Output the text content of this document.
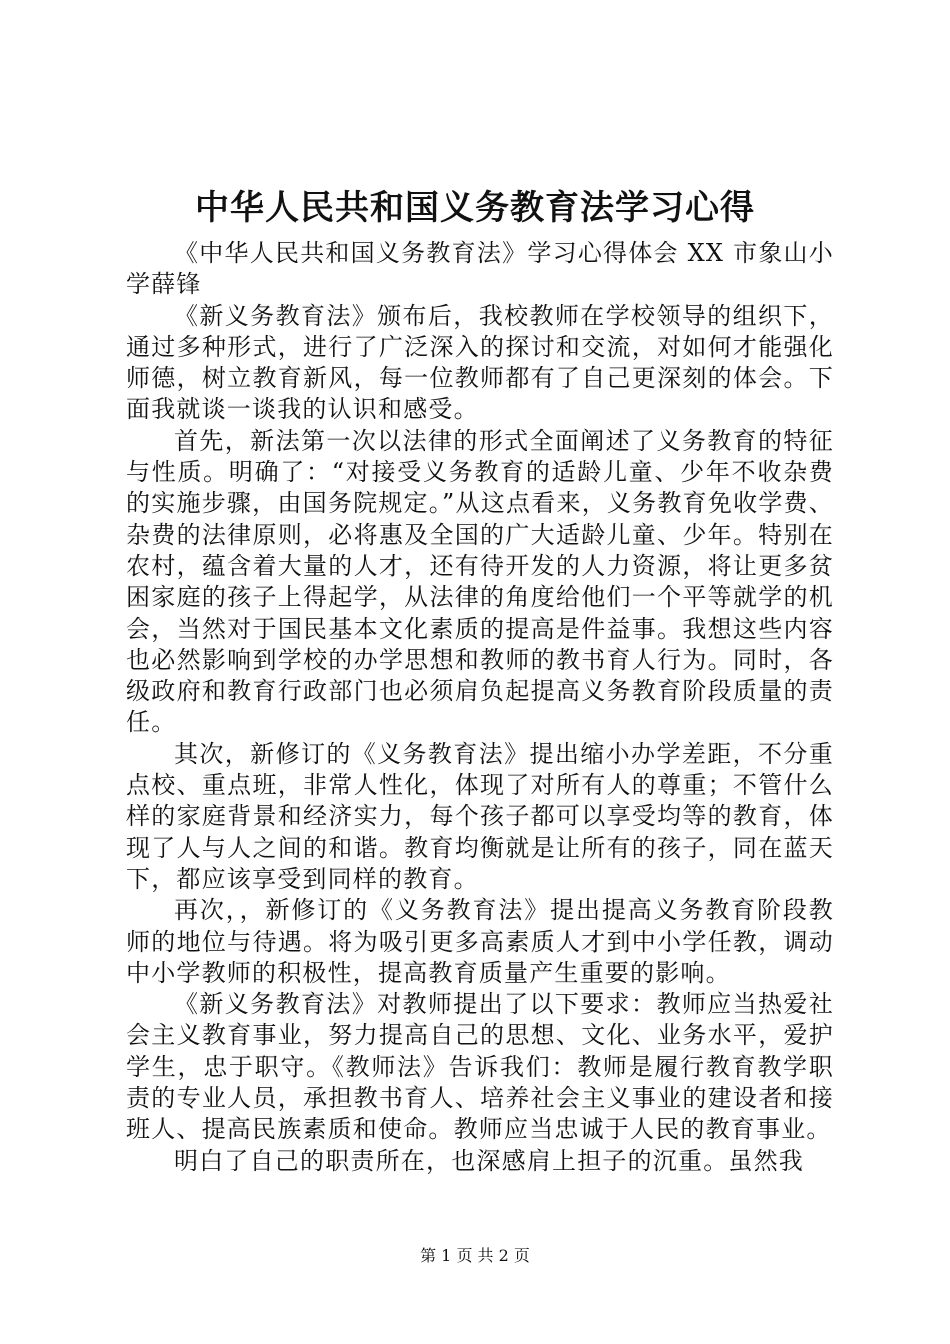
中华人民共和国义务教育法学习心得

《中华人民共和国义务教育法》学习心得体会 XX 市象山小学薛锋

《新义务教育法》颁布后，我校教师在学校领导的组织下，通过多种形式，进行了广泛深入的探讨和交流，对如何才能强化师德，树立教育新风，每一位教师都有了自己更深刻的体会。下面我就谈一谈我的认识和感受。

首先，新法第一次以法律的形式全面阐述了义务教育的特征与性质。明确了：“对接受义务教育的适龄儿童、少年不收杂费的实施步骤，由国务院规定。”从这点看来，义务教育免收学费、杂费的法律原则，必将惠及全国的广大适龄儿童、少年。特别在农村，蕴含着大量的人才，还有待开发的人力资源，将让更多贫困家庭的孩子上得起学，从法律的角度给他们一个平等就学的机会，当然对于国民基本文化素质的提高是件益事。我想这些内容也必然影响到学校的办学思想和教师的教书育人行为。同时，各级政府和教育行政部门也必须肩负起提高义务教育阶段质量的责任。

其次，新修订的《义务教育法》提出缩小办学差距，不分重点校、重点班，非常人性化，体现了对所有人的尊重；不管什么样的家庭背景和经济实力，每个孩子都可以享受均等的教育，体现了人与人之间的和谐。教育均衡就是让所有的孩子，同在蓝天下，都应该享受到同样的教育。

再次，，新修订的《义务教育法》提出提高义务教育阶段教师的地位与待遇。将为吸引更多高素质人才到中小学任教，调动中小学教师的积极性，提高教育质量产生重要的影响。

《新义务教育法》对教师提出了以下要求：教师应当热爱社会主义教育事业，努力提高自己的思想、文化、业务水平，爱护学生，忠于职守。《教师法》告诉我们：教师是履行教育教学职责的专业人员，承担教书育人、培养社会主义事业的建设者和接班人、提高民族素质和使命。教师应当忠诚于人民的教育事业。

明白了自己的职责所在，也深感肩上担子的沉重。虽然我

第 1 页 共 2 页
